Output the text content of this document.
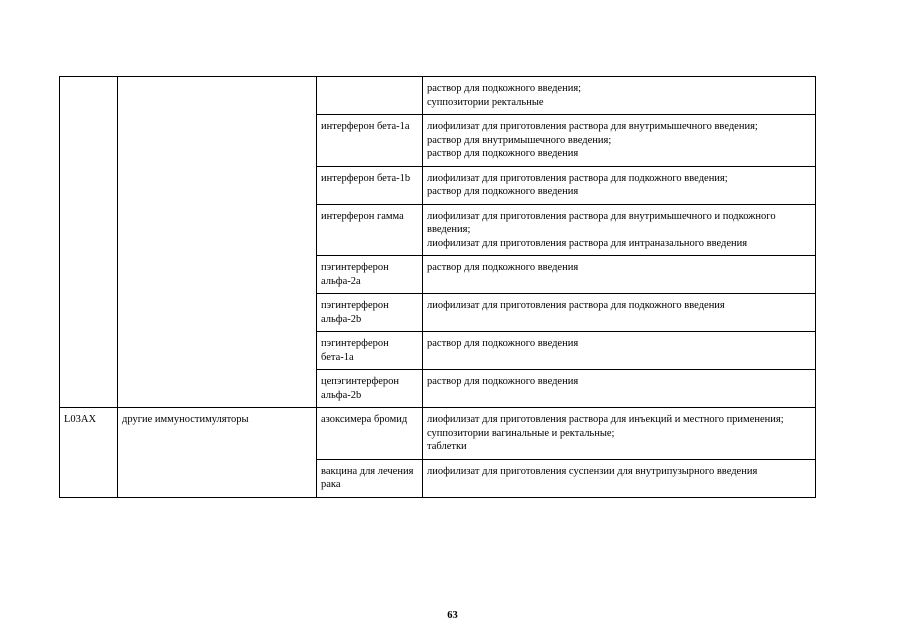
			раствор для подкожного введения;
суппозитории ректальные

		интерферон бета-1a	лиофилизат для приготовления раствора для внутримышечного введения;
раствор для внутримышечного введения;
раствор для подкожного введения

		интерферон бета-1b	лиофилизат для приготовления раствора для подкожного введения;
раствор для подкожного введения

		интерферон гамма	лиофилизат для приготовления раствора для внутримышечного и подкожного введения;
лиофилизат для приготовления раствора для интраназального введения

		пэгинтерферон альфа-2a	раствор для подкожного введения

		пэгинтерферон альфа-2b	лиофилизат для приготовления раствора для подкожного введения

		пэгинтерферон бета-1a	раствор для подкожного введения

		цепэгинтерферон альфа-2b	раствор для подкожного введения

L03AX	другие иммуностимуляторы	азоксимера бромид	лиофилизат для приготовления раствора для инъекций и местного применения;
суппозитории вагинальные и ректальные;
таблетки

		вакцина для лечения рака	лиофилизат для приготовления суспензии для внутрипузырного введения
63
